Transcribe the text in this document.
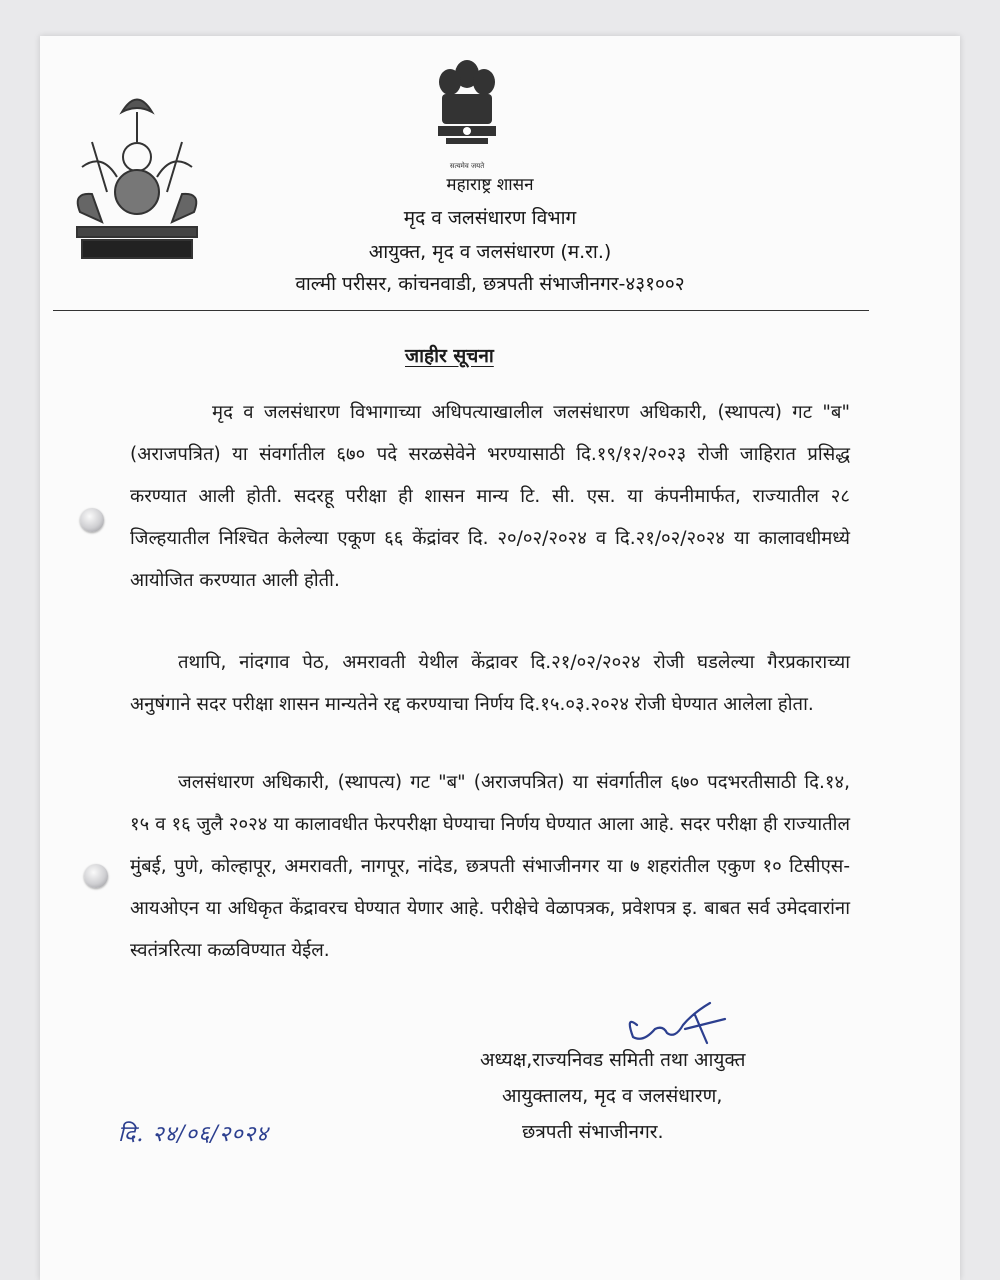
सत्यमेव जयते
महाराष्ट्र शासन
मृद व जलसंधारण विभाग
आयुक्त, मृद व जलसंधारण (म.रा.)
वाल्मी परीसर, कांचनवाडी, छत्रपती संभाजीनगर-४३१००२
जाहीर सूचना
मृद व जलसंधारण विभागाच्या अधिपत्याखालील जलसंधारण अधिकारी, (स्थापत्य) गट "ब" (अराजपत्रित) या संवर्गातील ६७० पदे सरळसेवेने भरण्यासाठी दि.१९/१२/२०२३ रोजी जाहिरात प्रसिद्ध करण्यात आली होती. सदरहू परीक्षा ही शासन मान्य टि. सी. एस. या कंपनीमार्फत, राज्यातील २८ जिल्हयातील निश्चित केलेल्या एकूण ६६ केंद्रांवर दि. २०/०२/२०२४ व दि.२१/०२/२०२४ या कालावधीमध्ये आयोजित करण्यात आली होती.
तथापि, नांदगाव पेठ, अमरावती येथील केंद्रावर दि.२१/०२/२०२४ रोजी घडलेल्या गैरप्रकाराच्या अनुषंगाने सदर परीक्षा शासन मान्यतेने रद्द करण्याचा निर्णय दि.१५.०३.२०२४ रोजी घेण्यात आलेला होता.
जलसंधारण अधिकारी, (स्थापत्य) गट "ब" (अराजपत्रित) या संवर्गातील ६७० पदभरतीसाठी दि.१४, १५ व १६ जुलै २०२४ या कालावधीत फेरपरीक्षा घेण्याचा निर्णय घेण्यात आला आहे. सदर परीक्षा ही राज्यातील मुंबई, पुणे, कोल्हापूर, अमरावती, नागपूर, नांदेड, छत्रपती संभाजीनगर या ७ शहरांतील एकुण १० टिसीएस-आयओएन या अधिकृत केंद्रावरच घेण्यात येणार आहे. परीक्षेचे वेळापत्रक, प्रवेशपत्र इ. बाबत सर्व उमेदवारांना स्वतंत्ररित्या कळविण्यात येईल.
अध्यक्ष,राज्यनिवड समिती तथा आयुक्त
आयुक्तालय, मृद व जलसंधारण,
छत्रपती संभाजीनगर.
दि. २४/०६/२०२४
